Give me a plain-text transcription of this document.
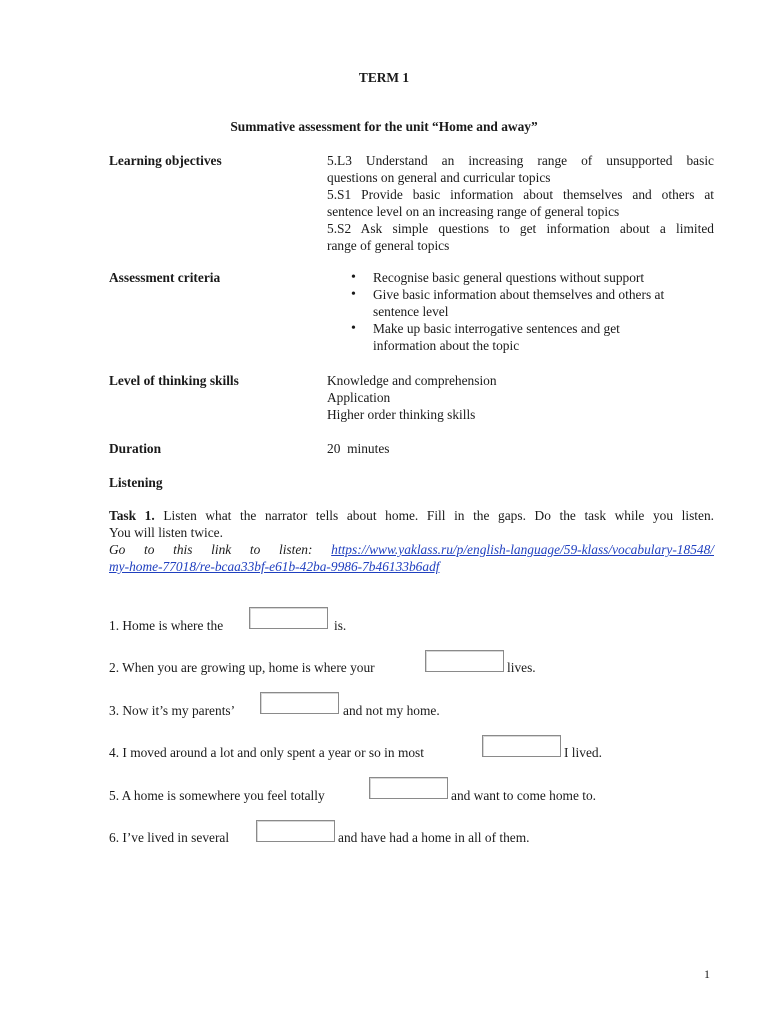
TERM 1
Summative assessment for the unit “Home and away”
Learning objectives	5.L3 Understand an increasing range of unsupported basic
questions on general and curricular topics
5.S1 Provide basic information about themselves and others at
sentence level on an increasing range of general topics
5.S2 Ask simple questions to get information about a limited
range of general topics
Assessment criteria
•	Recognise basic general questions without support
• Give basic information about themselves and others at sentence level
• Make up basic interrogative sentences and get information about the topic
Level of thinking skills	Knowledge and comprehension
Application
Higher order thinking skills
Duration	20  minutes
Listening
Task 1. Listen what the narrator tells about home. Fill in the gaps. Do the task while you listen.
You will listen twice.
Go to this link to listen: https://www.yaklass.ru/p/english-language/59-klass/vocabulary-18548/
my-home-77018/re-bcaa33bf-e61b-42ba-9986-7b46133b6adf
1. Home is where the	is.
2. When you are growing up, home is where your	lives.
3. Now it’s my parents’	and not my home.
4. I moved around a lot and only spent a year or so in most	I lived.
5. A home is somewhere you feel totally	and want to come home to.
6. I’ve lived in several	and have had a home in all of them.
1
